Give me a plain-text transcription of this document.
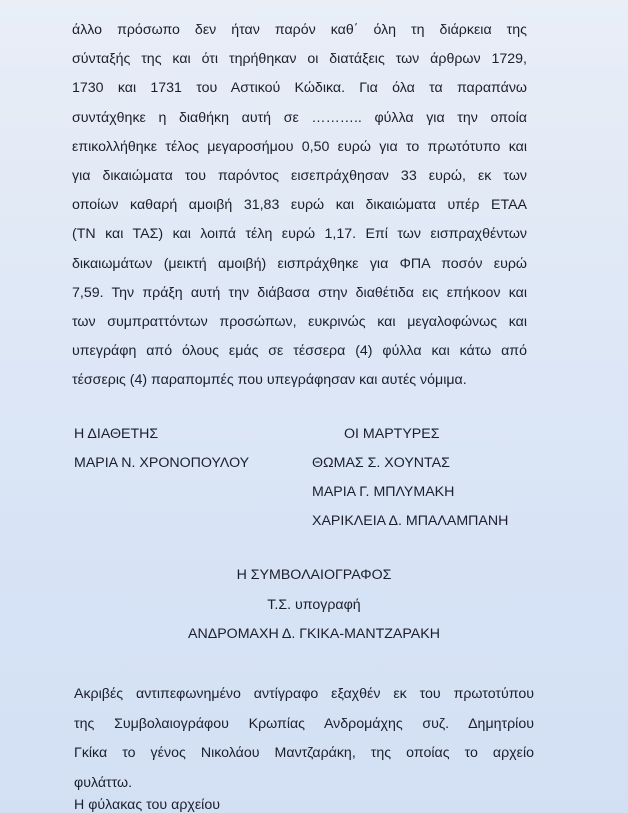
άλλο πρόσωπο δεν ήταν παρόν καθ΄ όλη τη διάρκεια της
σύνταξής της και ότι τηρήθηκαν οι διατάξεις των άρθρων 1729,
1730 και 1731 του Αστικού Κώδικα. Για όλα τα παραπάνω
συντάχθηκε η διαθήκη αυτή σε ……….. φύλλα για την οποία
επικολλήθηκε τέλος μεγαροσήμου 0,50 ευρώ για το πρωτότυπο και
για δικαιώματα του παρόντος εισεπράχθησαν 33 ευρώ, εκ των
οποίων καθαρή αμοιβή 31,83 ευρώ και δικαιώματα υπέρ ΕΤΑΑ
(ΤΝ και ΤΑΣ) και λοιπά τέλη ευρώ 1,17. Επί των εισπραχθέντων
δικαιωμάτων (μεικτή αμοιβή) εισπράχθηκε για ΦΠΑ ποσόν ευρώ
7,59. Την πράξη αυτή την διάβασα στην διαθέτιδα εις επήκοον και
των συμπραττόντων προσώπων, ευκρινώς και μεγαλοφώνως και
υπεγράφη από όλους εμάς σε τέσσερα (4) φύλλα και κάτω από
τέσσερις (4) παραπομπές που υπεγράφησαν και αυτές νόμιμα.
Η ΔΙΑΘΕΤΗΣ	ΟΙ ΜΑΡΤΥΡΕΣ
ΜΑΡΙΑ Ν. ΧΡΟΝΟΠΟΥΛΟΥ	ΘΩΜΑΣ Σ. ΧΟΥΝΤΑΣ
ΜΑΡΙΑ Γ. ΜΠΛΥΜΑΚΗ
ΧΑΡΙΚΛΕΙΑ Δ. ΜΠΑΛΑΜΠΑΝΗ
Η ΣΥΜΒΟΛΑΙΟΓΡΑΦΟΣ
Τ.Σ. υπογραφή
ΑΝΔΡΟΜΑΧΗ Δ. ΓΚΙΚΑ-ΜΑΝΤΖΑΡΑΚΗ
Ακριβές αντιπεφωνημένο αντίγραφο εξαχθέν εκ του πρωτοτύπου
της Συμβολαιογράφου Κρωπίας Ανδρομάχης συζ. Δημητρίου
Γκίκα το γένος Νικολάου Μαντζαράκη, της οποίας το αρχείο
φυλάττω.
Η φύλακας του αρχείου
